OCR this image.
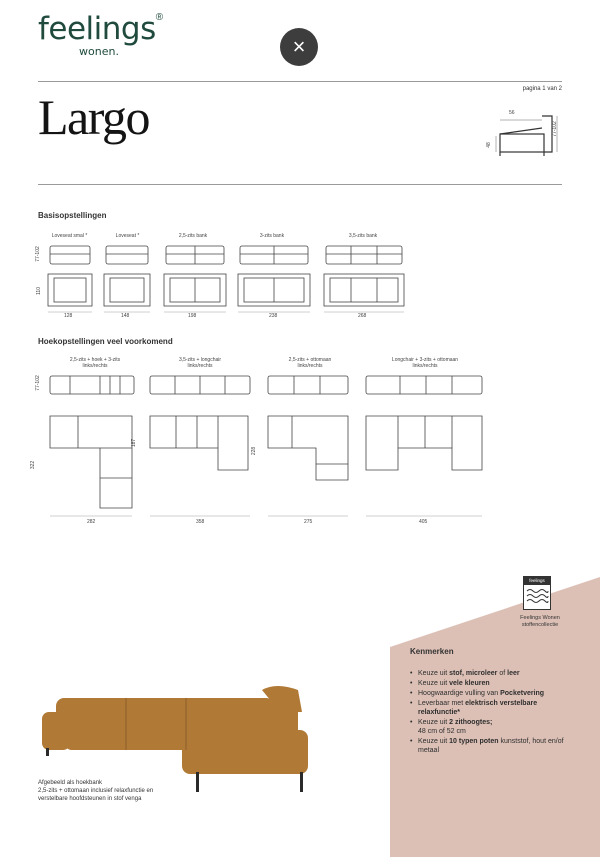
feelings®
wonen.	×
Largo	pagina 1 van 2
56
77-102
48
Basisopstellingen
77-102
110
Loveseat smal *	Loveseat *	2,5-zits bank	3-zits bank	3,5-zits bank
128	148	198	238	268
Hoekopstellingen veel voorkomend
77-102
2,5-zits + hoek + 3-zits
links/rechts
3,5-zits + longchair
links/rechts
2,5-zits + ottomaan
links/rechts
Longchair + 3-zits + ottomaan
links/rechts
322
187
228
282	358	275	405
feelings
Feelings Wonen
stoffencollectie
Kenmerken
• Keuze uit stof, microleer of leer
• Keuze uit vele kleuren
• Hoogwaardige vulling van Pocketvering
• Leverbaar met elektrisch verstelbare relaxfunctie*
• Keuze uit 2 zithoogtes;
48 cm of 52 cm
• Keuze uit 10 typen poten kunststof, hout en/of metaal
Afgebeeld als hoekbank
2,5-zits + ottomaan inclusief relaxfunctie en
verstelbare hoofdsteunen in stof venga
